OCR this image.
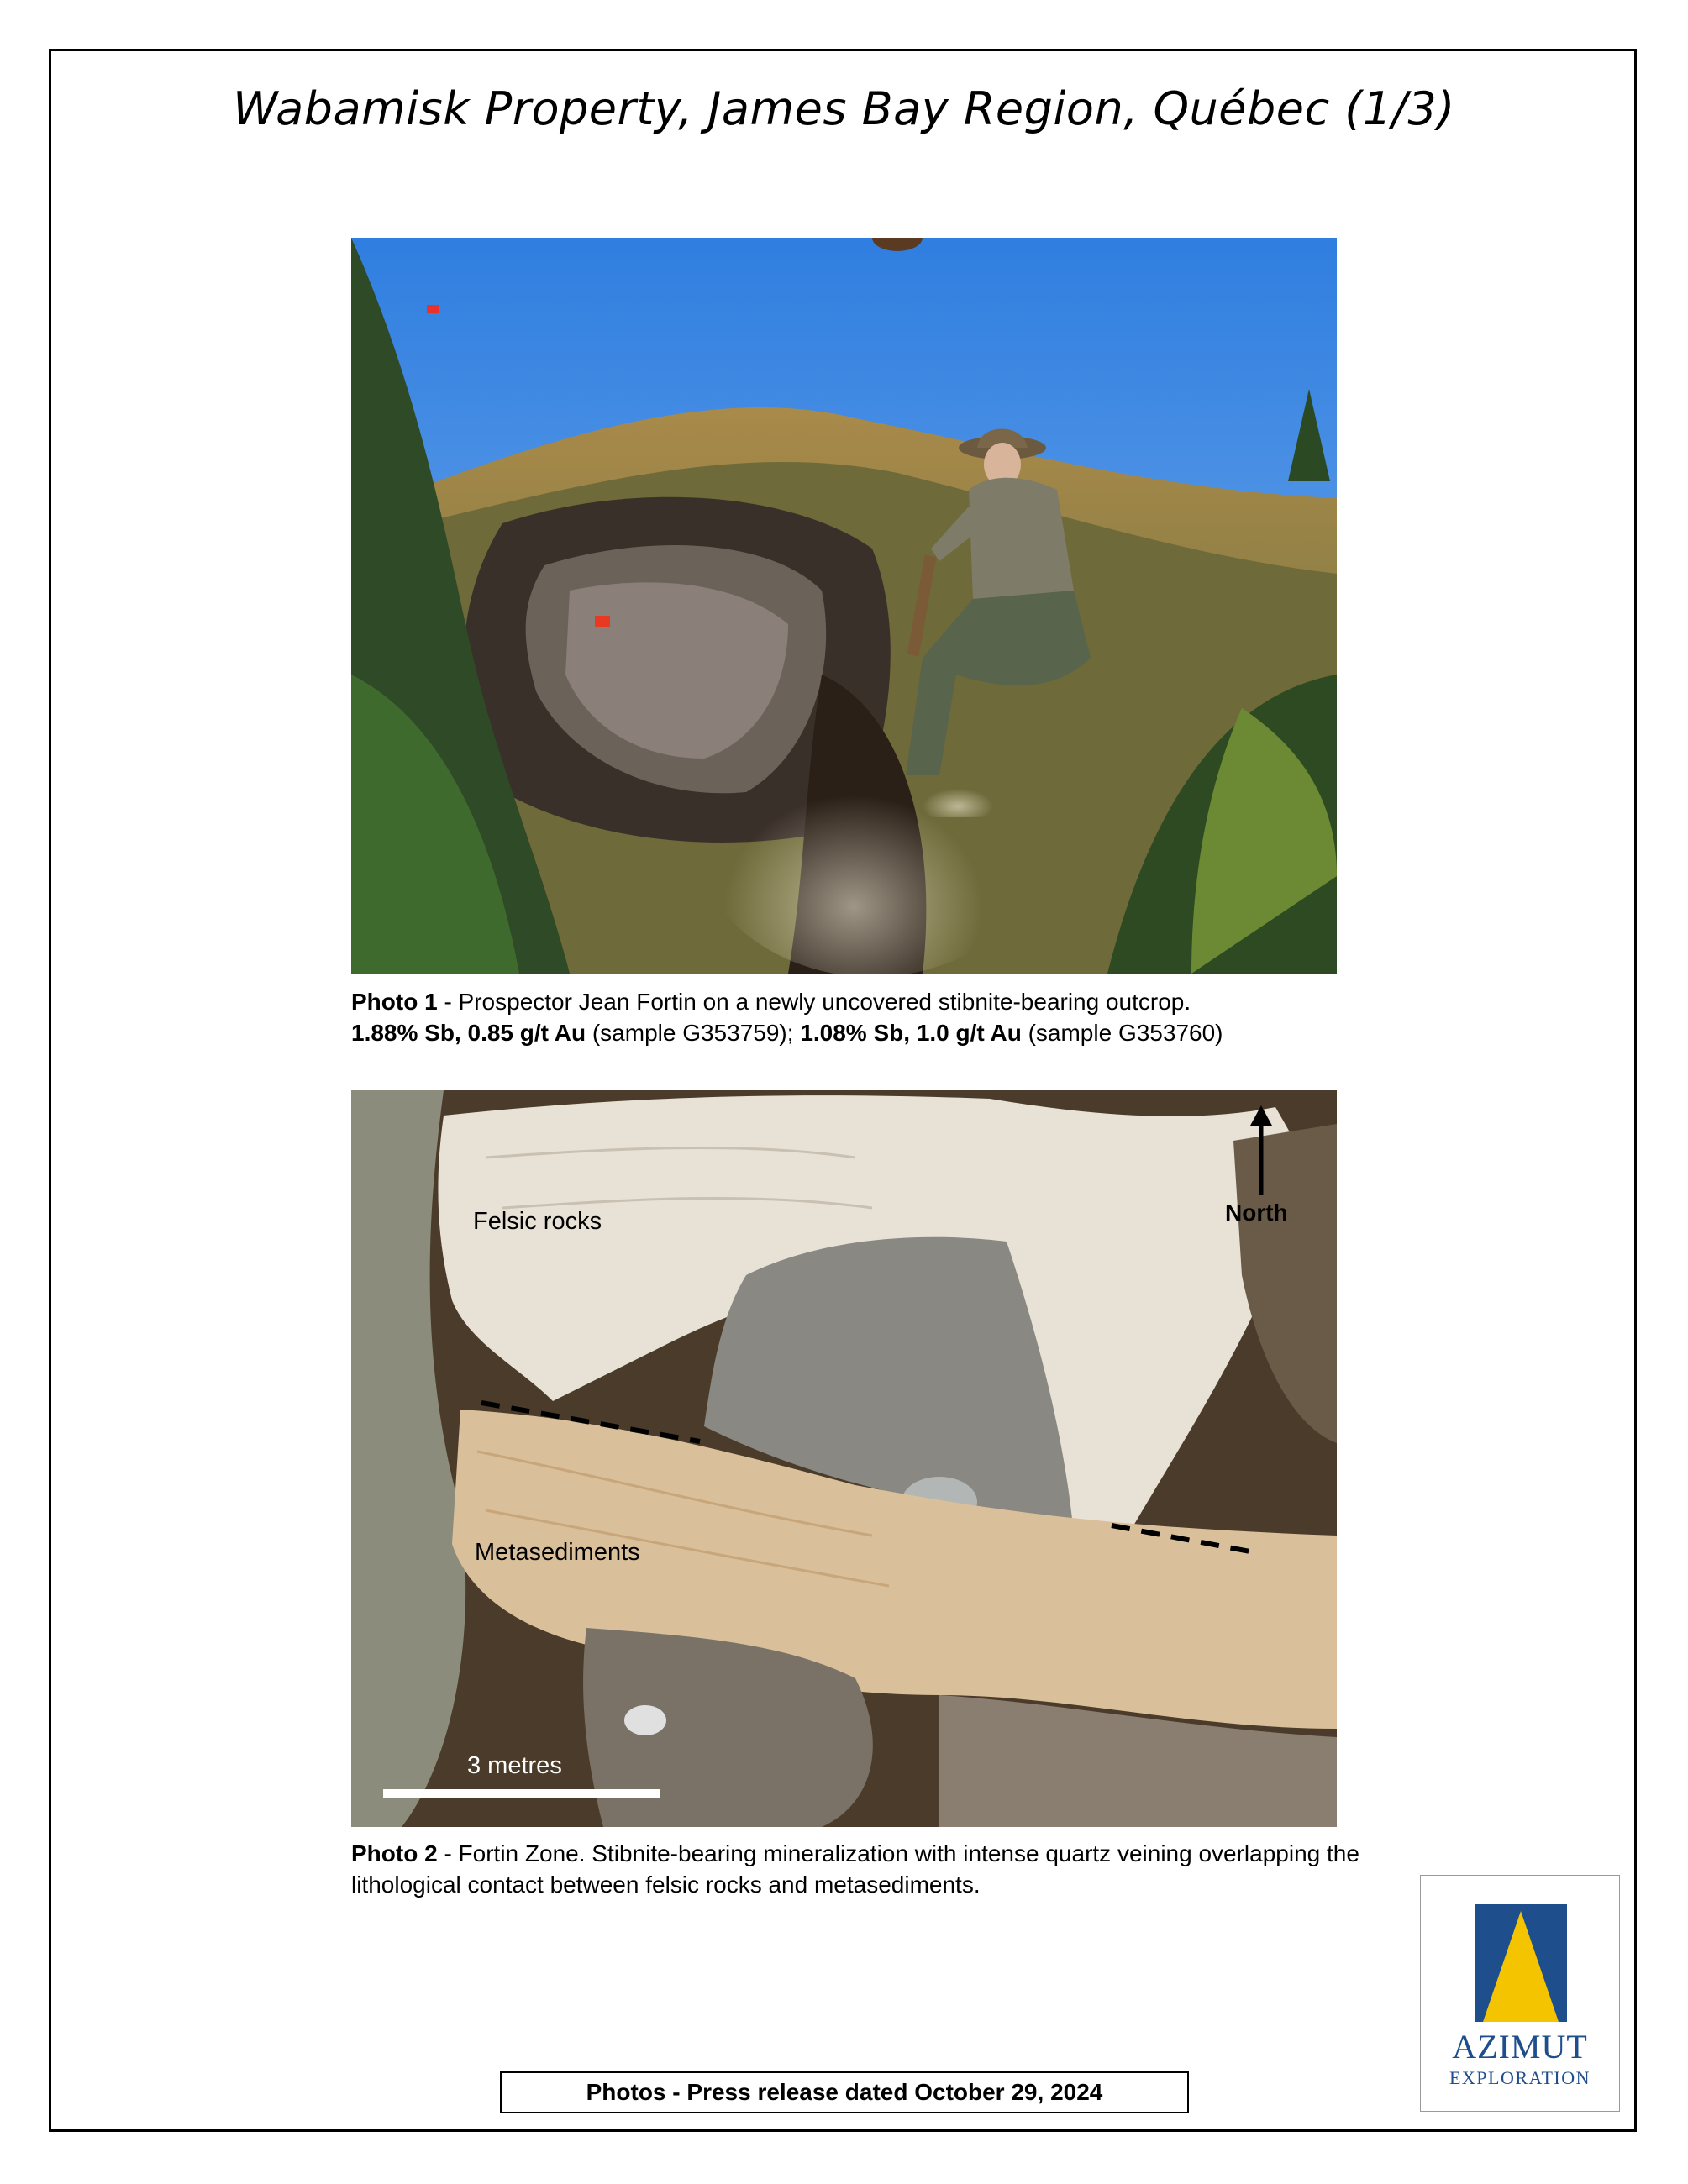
Wabamisk Property, James Bay Region, Québec (1/3)
Photo 1 - Prospector Jean Fortin on a newly uncovered stibnite-bearing outcrop.
1.88% Sb, 0.85 g/t Au (sample G353759); 1.08% Sb, 1.0 g/t Au (sample G353760)
Felsic rocks	North
Metasediments
3 metres
Photo 2 - Fortin Zone. Stibnite-bearing mineralization with intense quartz veining overlapping the lithological contact between felsic rocks and metasediments.
AZIMUT
EXPLORATION
Photos - Press release dated October 29, 2024
